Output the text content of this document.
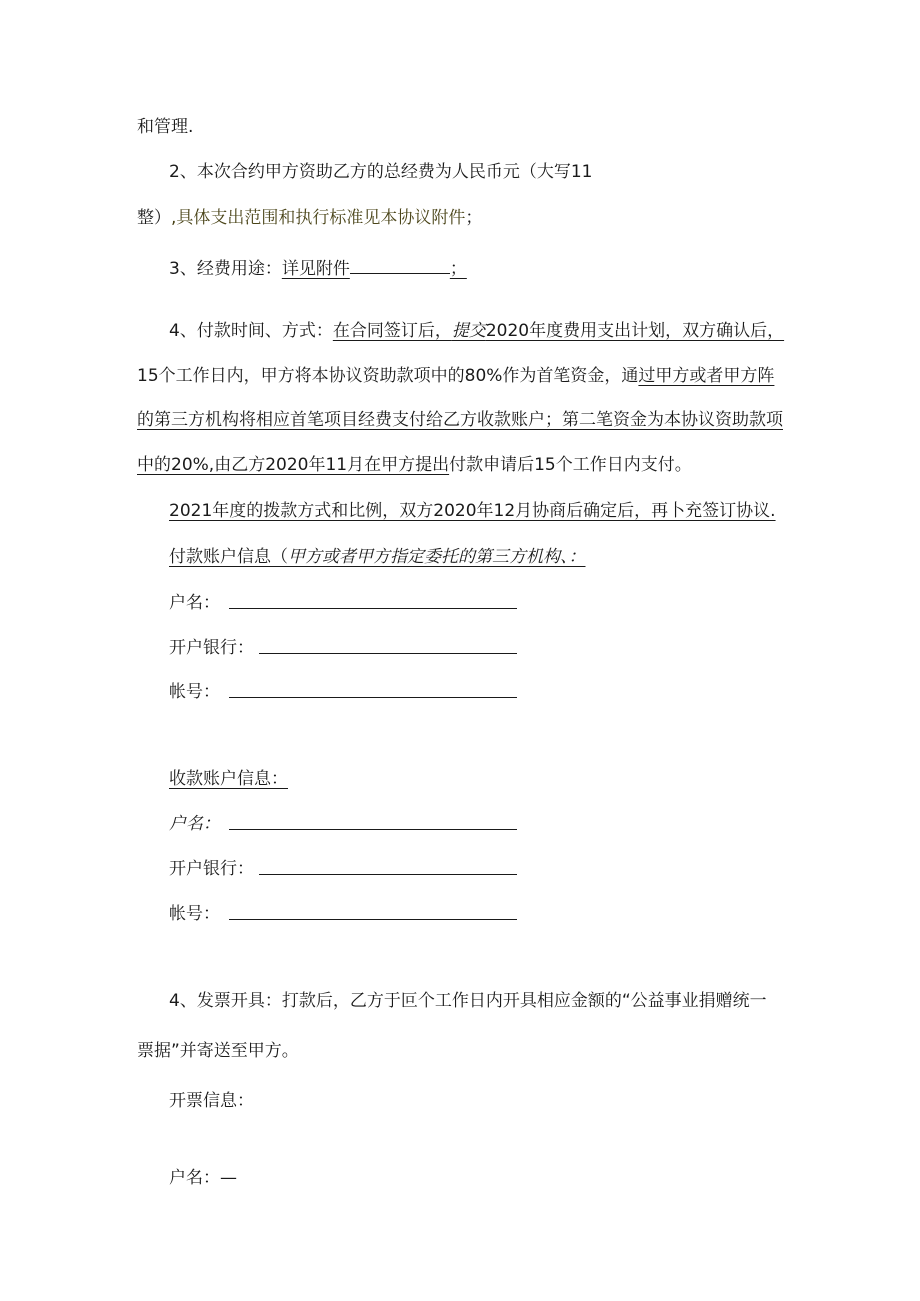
和管理.
2、本次合约甲方资助乙方的总经费为人民币元（大写11
整）,具体支出范围和执行标准见本协议附件；
3、经费用途：详见附件	；
4、付款时间、方式：在合同签订后，提交2020年度费用支出计划，双方确认后，
15个工作日内，甲方将本协议资助款项中的80%作为首笔资金，通过甲方或者甲方阵
的第三方机构将相应首笔项目经费支付给乙方收款账户；第二笔资金为本协议资助款项
中的20%,由乙方2020年11月在甲方提出付款申请后15个工作日内支付。
2021年度的拨款方式和比例，双方2020年12月协商后确定后，再卜充签订协议.
付款账户信息（甲方或者甲方指定委托的第三方机构、：
户名：
开户银行：
帐号：
收款账户信息：
户名：
开户银行：
帐号：
4、发票开具：打款后，乙方于叵个工作日内开具相应金额的“公益事业捐赠统一
票据”并寄送至甲方。
开票信息：
户名：—
